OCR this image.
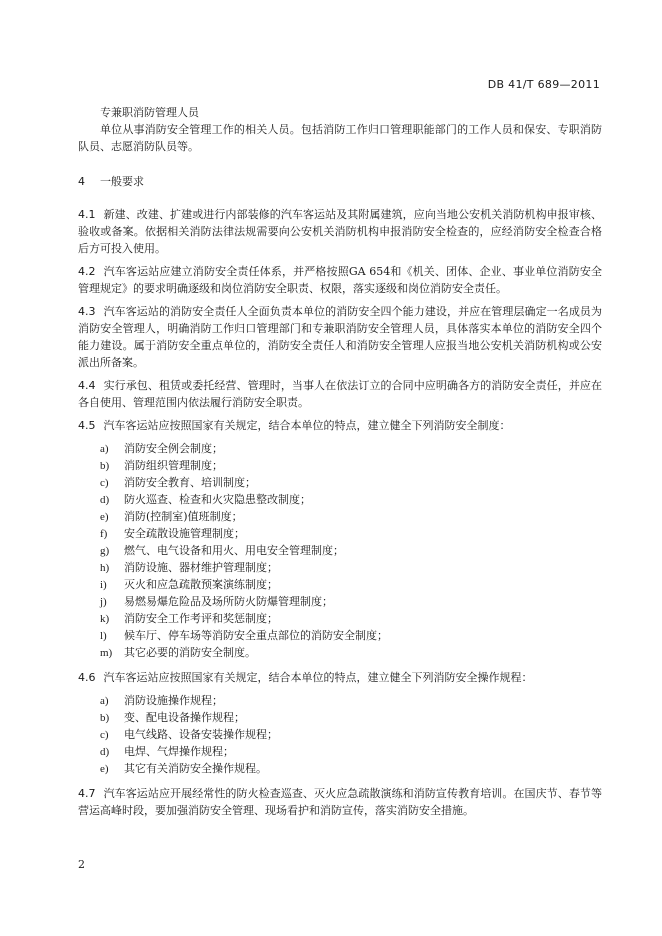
DB 41/T 689—2011

专兼职消防管理人员

单位从事消防安全管理工作的相关人员。包括消防工作归口管理职能部门的工作人员和保安、专职消防队员、志愿消防队员等。

4 一般要求

4.1 新建、改建、扩建或进行内部装修的汽车客运站及其附属建筑，应向当地公安机关消防机构申报审核、验收或备案。依据相关消防法律法规需要向公安机关消防机构申报消防安全检查的，应经消防安全检查合格后方可投入使用。

4.2 汽车客运站应建立消防安全责任体系，并严格按照GA 654和《机关、团体、企业、事业单位消防安全管理规定》的要求明确逐级和岗位消防安全职责、权限，落实逐级和岗位消防安全责任。

4.3 汽车客运站的消防安全责任人全面负责本单位的消防安全四个能力建设，并应在管理层确定一名成员为消防安全管理人，明确消防工作归口管理部门和专兼职消防安全管理人员，具体落实本单位的消防安全四个能力建设。属于消防安全重点单位的，消防安全责任人和消防安全管理人应报当地公安机关消防机构或公安派出所备案。

4.4 实行承包、租赁或委托经营、管理时，当事人在依法订立的合同中应明确各方的消防安全责任，并应在各自使用、管理范围内依法履行消防安全职责。

4.5 汽车客运站应按照国家有关规定，结合本单位的特点，建立健全下列消防安全制度：

a) 消防安全例会制度；
b) 消防组织管理制度；
c) 消防安全教育、培训制度；
d) 防火巡查、检查和火灾隐患整改制度；
e) 消防(控制室)值班制度；
f) 安全疏散设施管理制度；
g) 燃气、电气设备和用火、用电安全管理制度；
h) 消防设施、器材维护管理制度；
i) 灭火和应急疏散预案演练制度；
j) 易燃易爆危险品及场所防火防爆管理制度；
k) 消防安全工作考评和奖惩制度；
l) 候车厅、停车场等消防安全重点部位的消防安全制度；
m) 其它必要的消防安全制度。

4.6 汽车客运站应按照国家有关规定，结合本单位的特点，建立健全下列消防安全操作规程：

a) 消防设施操作规程；
b) 变、配电设备操作规程；
c) 电气线路、设备安装操作规程；
d) 电焊、气焊操作规程；
e) 其它有关消防安全操作规程。

4.7 汽车客运站应开展经常性的防火检查巡查、灭火应急疏散演练和消防宣传教育培训。在国庆节、春节等营运高峰时段，要加强消防安全管理、现场看护和消防宣传，落实消防安全措施。

2
